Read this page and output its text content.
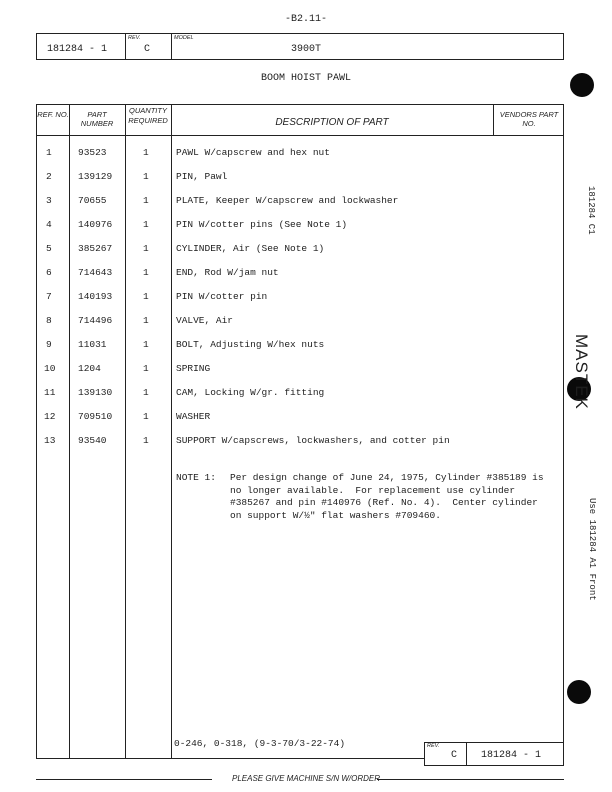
-B2.11-
181284 - 1
REV.
C
MODEL
3900T
BOOM HOIST PAWL
REF. NO.	PART NUMBER
QUANTITY REQUIRED	DESCRIPTION OF PART
VENDORS PART NO.
1	93523	1	PAWL W/capscrew and hex nut
2	139129	1	PIN, Pawl
3	70655	1	PLATE, Keeper W/capscrew and lockwasher
4	140976	1	PIN W/cotter pins (See Note 1)
5	385267	1	CYLINDER, Air (See Note 1)
6	714643	1	END, Rod W/jam nut
7	140193	1	PIN W/cotter pin
8	714496	1	VALVE, Air
9	11031	1	BOLT, Adjusting W/hex nuts
10 1204	1	SPRING
11 139130	1	CAM, Locking W/gr. fitting
12 709510	1	WASHER
13 93540	1	SUPPORT W/capscrews, lockwashers, and cotter pin
NOTE 1: Per design change of June 24, 1975, Cylinder #385189 is
no longer available.  For replacement use cylinder
#385267 and pin #140976 (Ref. No. 4).  Center cylinder
on support W/½" flat washers #709460.
0-246, 0-318, (9-3-70/3-22-74)	REV.
C 181284 - 1
PLEASE GIVE MACHINE S/N W/ORDER
181284 C1
MASTEK
Use 181284 A1 Front
